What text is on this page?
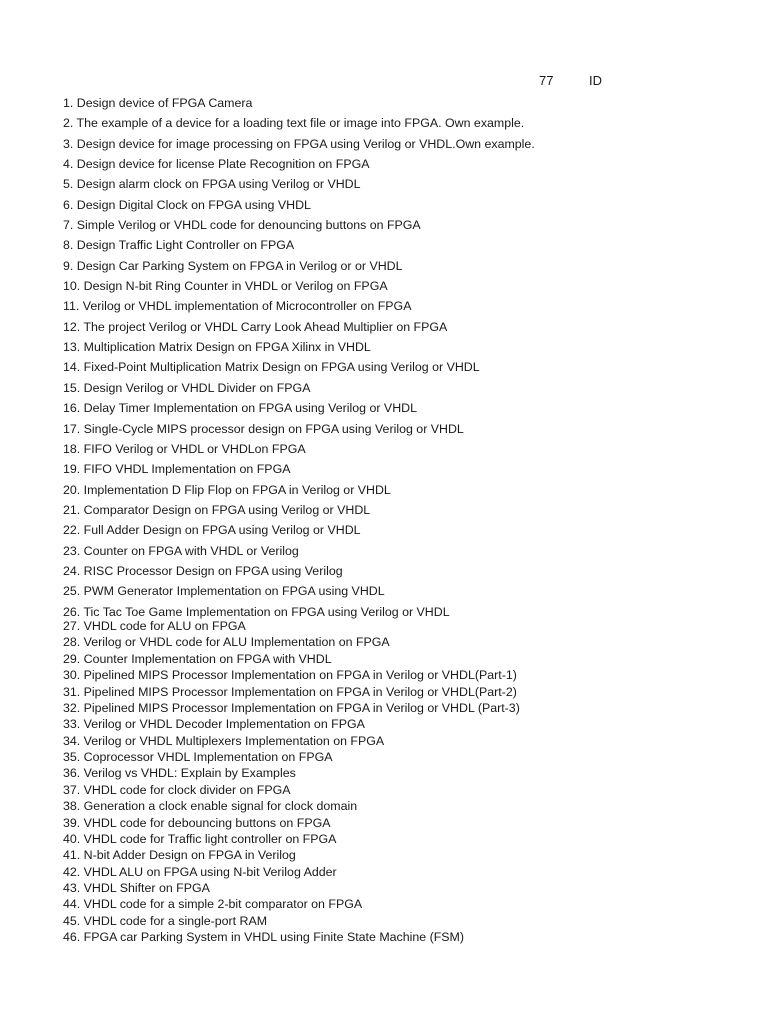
77	ID
1. Design device of FPGA Camera
2. The example of a device for a loading text file or image into FPGA. Own example.
3. Design device for image processing on FPGA using Verilog or VHDL.Own example.
4. Design device for license Plate Recognition on FPGA
5. Design alarm clock on FPGA using Verilog or VHDL
6. Design Digital Clock on FPGA using VHDL
7. Simple Verilog or VHDL code for denouncing buttons on FPGA
8. Design Traffic Light Controller on FPGA
9. Design Car Parking System on FPGA in Verilog or or VHDL
10. Design N-bit Ring Counter in VHDL or Verilog on FPGA
11. Verilog or VHDL implementation of Microcontroller on FPGA
12. The project Verilog or VHDL Carry Look Ahead Multiplier on FPGA
13. Multiplication Matrix Design on FPGA Xilinx in VHDL
14. Fixed-Point Multiplication Matrix Design on FPGA using Verilog or VHDL
15. Design Verilog or VHDL Divider on FPGA
16. Delay Timer Implementation on FPGA using Verilog or VHDL
17. Single-Cycle MIPS processor design on FPGA using Verilog or VHDL
18. FIFO Verilog or VHDL or VHDLon FPGA
19. FIFO VHDL Implementation on FPGA
20. Implementation D Flip Flop on FPGA in Verilog or VHDL
21. Comparator Design on FPGA using Verilog or VHDL
22. Full Adder Design on FPGA using Verilog or VHDL
23. Counter on FPGA with VHDL or Verilog
24. RISC Processor Design on FPGA using Verilog
25. PWM Generator Implementation on FPGA using VHDL
26. Tic Tac Toe Game Implementation on FPGA using Verilog or VHDL
27. VHDL code for ALU on FPGA
28. Verilog or VHDL code for ALU Implementation on FPGA
29. Counter Implementation on FPGA with VHDL
30. Pipelined MIPS Processor Implementation on FPGA in Verilog or VHDL(Part-1)
31. Pipelined MIPS Processor Implementation on FPGA in Verilog or VHDL(Part-2)
32. Pipelined MIPS Processor Implementation on FPGA in Verilog or VHDL (Part-3)
33. Verilog or VHDL Decoder Implementation on FPGA
34. Verilog or VHDL Multiplexers Implementation on FPGA
35. Coprocessor VHDL Implementation on FPGA
36. Verilog vs VHDL: Explain by Examples
37. VHDL code for clock divider on FPGA
38. Generation a clock enable signal for clock domain
39. VHDL code for debouncing buttons on FPGA
40. VHDL code for Traffic light controller on FPGA
41. N-bit Adder Design on FPGA in Verilog
42. VHDL ALU on FPGA using N-bit Verilog Adder
43. VHDL Shifter on FPGA
44. VHDL code for a simple 2-bit comparator on FPGA
45. VHDL code for a single-port RAM
46. FPGA car Parking System in VHDL using Finite State Machine (FSM)
